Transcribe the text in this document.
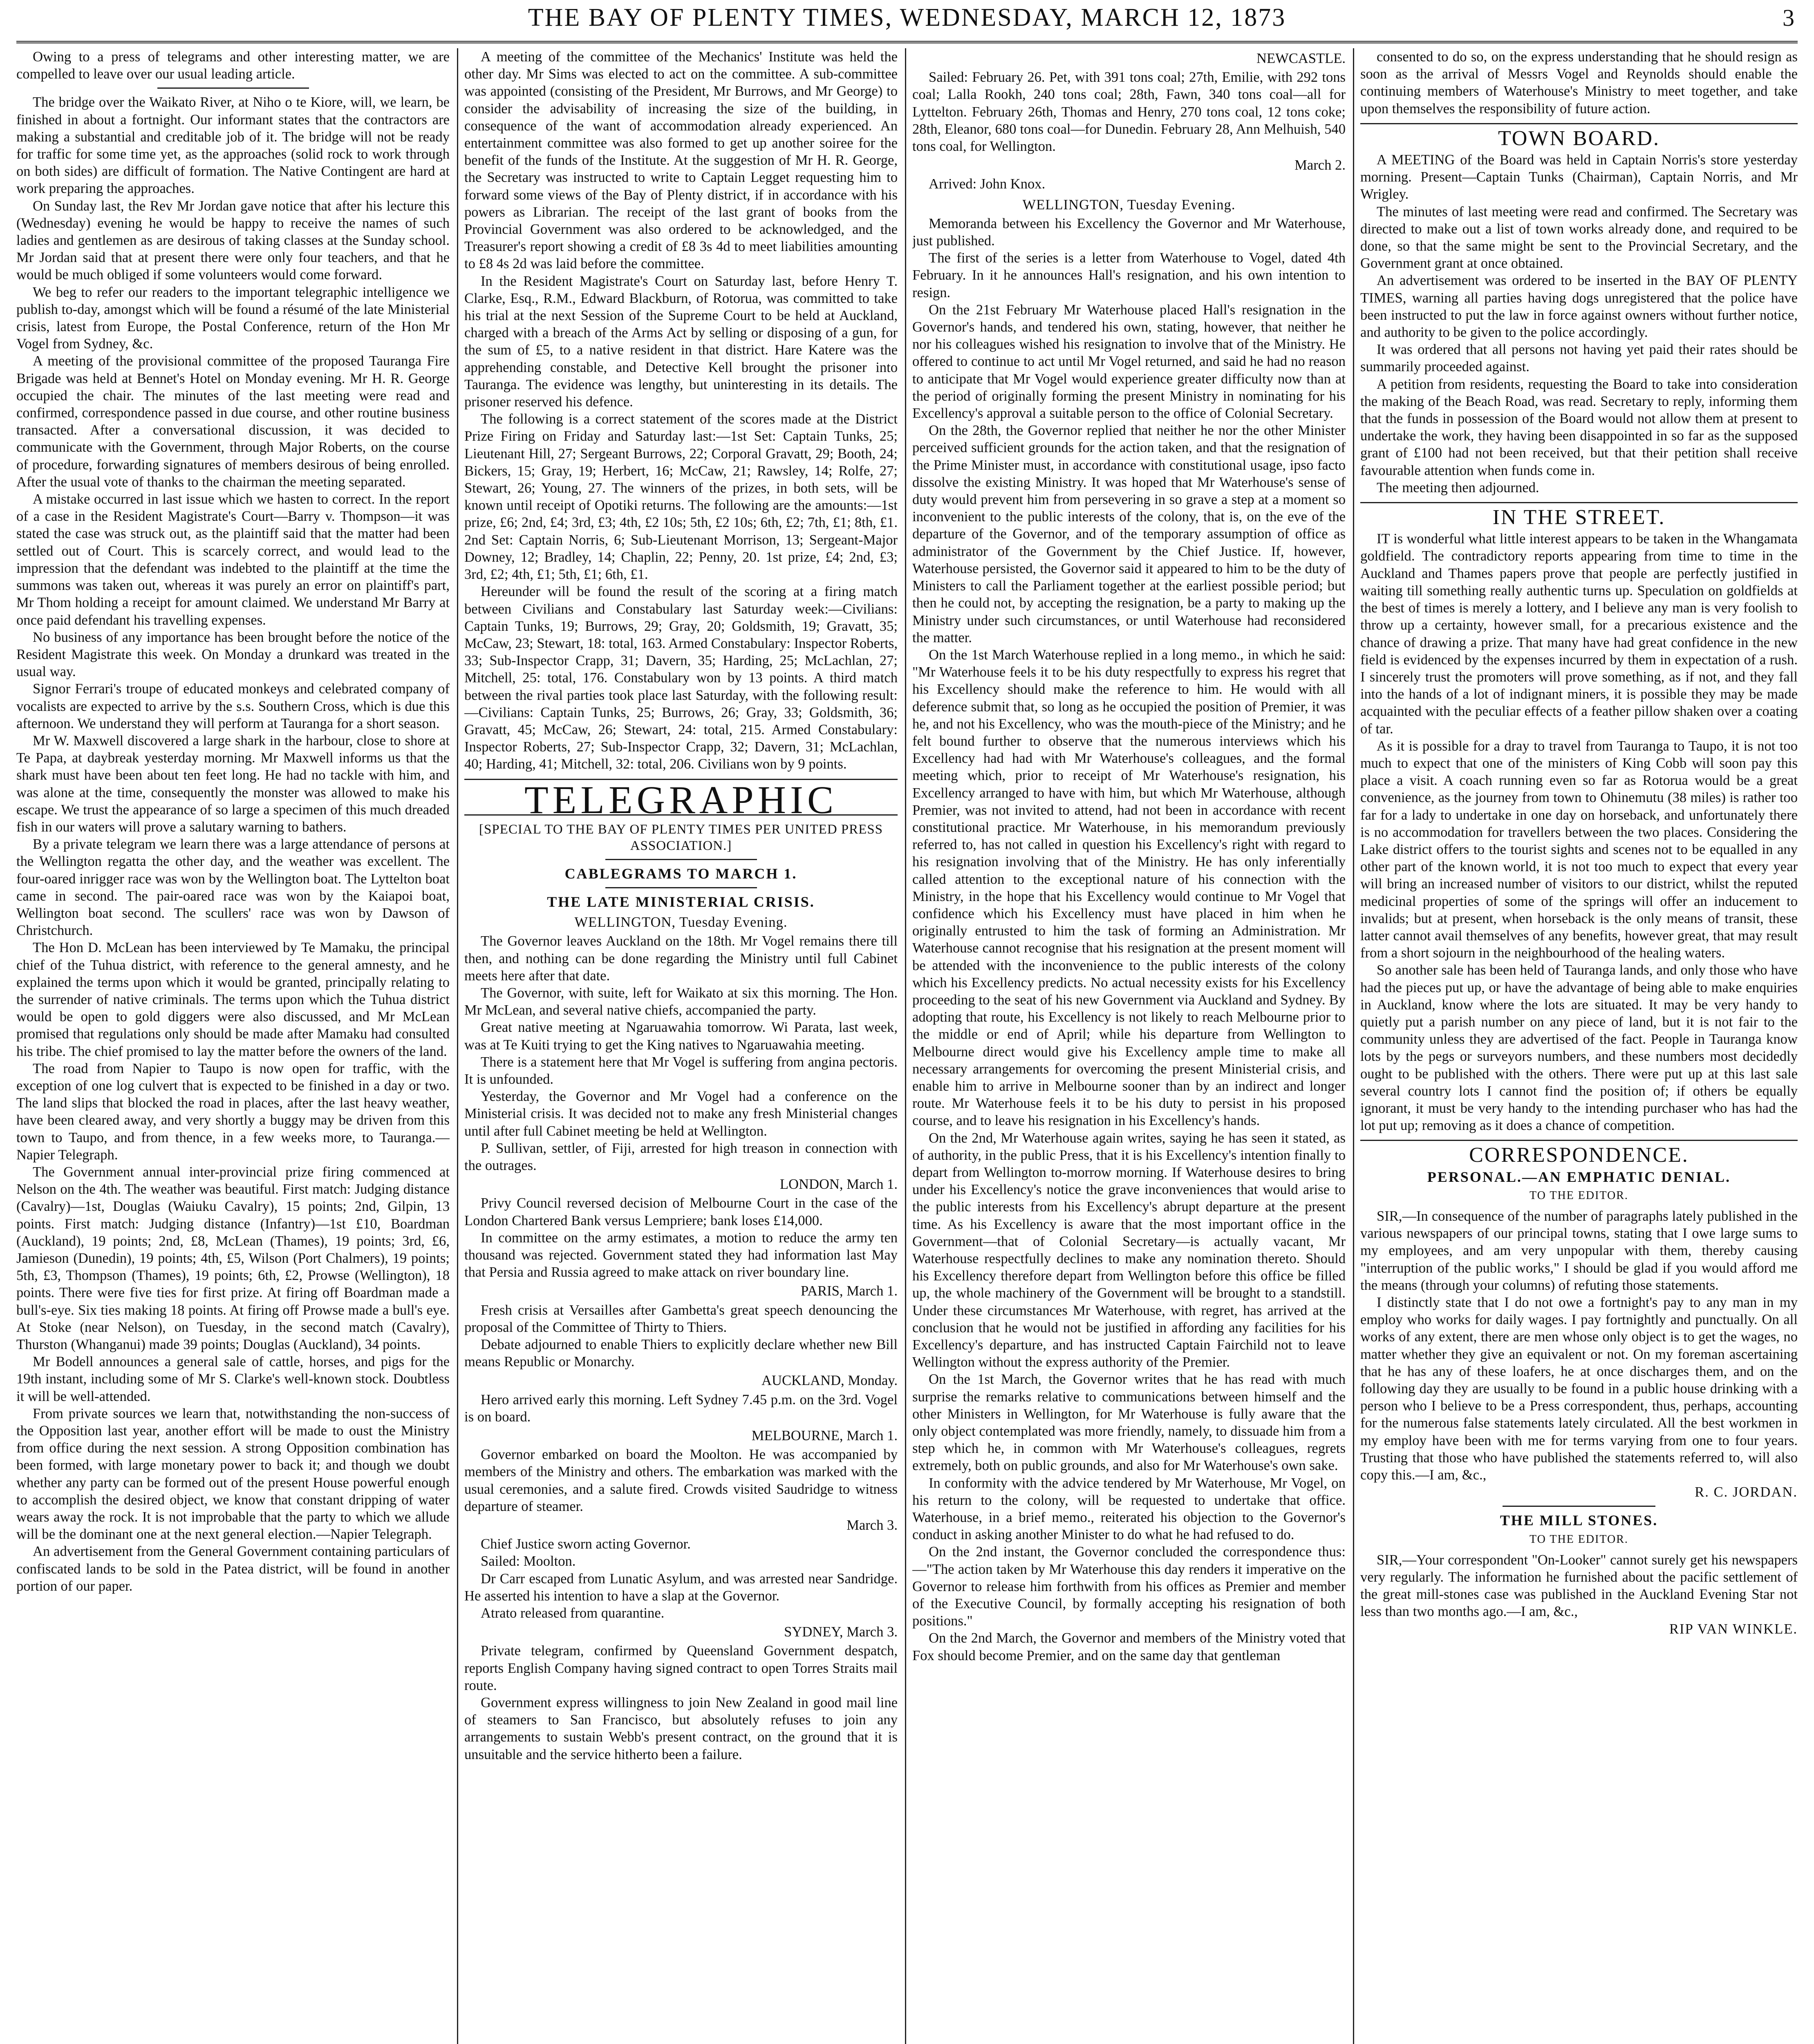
THE BAY OF PLENTY TIMES, WEDNESDAY, MARCH 12, 1873	3

Owing to a press of telegrams and other interesting matter, we are compelled to leave over our usual leading article.

The bridge over the Waikato River, at Niho o te Kiore, will, we learn, be finished in about a fortnight. Our informant states that the contractors are making a substantial and creditable job of it. The bridge will not be ready for traffic for some time yet, as the approaches (solid rock to work through on both sides) are difficult of formation. The Native Contingent are hard at work preparing the approaches.

On Sunday last, the Rev Mr Jordan gave notice that after his lecture this (Wednesday) evening he would be happy to receive the names of such ladies and gentlemen as are desirous of taking classes at the Sunday school. Mr Jordan said that at present there were only four teachers, and that he would be much obliged if some volunteers would come forward.

We beg to refer our readers to the important telegraphic intelligence we publish to-day, amongst which will be found a résumé of the late Ministerial crisis, latest from Europe, the Postal Conference, return of the Hon Mr Vogel from Sydney, &c.

A meeting of the provisional committee of the proposed Tauranga Fire Brigade was held at Bennet's Hotel on Monday evening. Mr H. R. George occupied the chair. The minutes of the last meeting were read and confirmed, correspondence passed in due course, and other routine business transacted. After a conversational discussion, it was decided to communicate with the Government, through Major Roberts, on the course of procedure, forwarding signatures of members desirous of being enrolled. After the usual vote of thanks to the chairman the meeting separated.

A mistake occurred in last issue which we hasten to correct. In the report of a case in the Resident Magistrate's Court—Barry v. Thompson—it was stated the case was struck out, as the plaintiff said that the matter had been settled out of Court. This is scarcely correct, and would lead to the impression that the defendant was indebted to the plaintiff at the time the summons was taken out, whereas it was purely an error on plaintiff's part, Mr Thom holding a receipt for amount claimed. We understand Mr Barry at once paid defendant his travelling expenses.

No business of any importance has been brought before the notice of the Resident Magistrate this week. On Monday a drunkard was treated in the usual way.

Signor Ferrari's troupe of educated monkeys and celebrated company of vocalists are expected to arrive by the s.s. Southern Cross, which is due this afternoon. We understand they will perform at Tauranga for a short season.

Mr W. Maxwell discovered a large shark in the harbour, close to shore at Te Papa, at daybreak yesterday morning. Mr Maxwell informs us that the shark must have been about ten feet long. He had no tackle with him, and was alone at the time, consequently the monster was allowed to make his escape. We trust the appearance of so large a specimen of this much dreaded fish in our waters will prove a salutary warning to bathers.

By a private telegram we learn there was a large attendance of persons at the Wellington regatta the other day, and the weather was excellent. The four-oared inrigger race was won by the Wellington boat. The Lyttelton boat came in second. The pair-oared race was won by the Kaiapoi boat, Wellington boat second. The scullers' race was won by Dawson of Christchurch.

The Hon D. McLean has been interviewed by Te Mamaku, the principal chief of the Tuhua district, with reference to the general amnesty, and he explained the terms upon which it would be granted, principally relating to the surrender of native criminals. The terms upon which the Tuhua district would be open to gold diggers were also discussed, and Mr McLean promised that regulations only should be made after Mamaku had consulted his tribe. The chief promised to lay the matter before the owners of the land.

The road from Napier to Taupo is now open for traffic, with the exception of one log culvert that is expected to be finished in a day or two. The land slips that blocked the road in places, after the last heavy weather, have been cleared away, and very shortly a buggy may be driven from this town to Taupo, and from thence, in a few weeks more, to Tauranga.—Napier Telegraph.

The Government annual inter-provincial prize firing commenced at Nelson on the 4th. The weather was beautiful. First match: Judging distance (Cavalry)—1st, Douglas (Waiuku Cavalry), 15 points; 2nd, Gilpin, 13 points. First match: Judging distance (Infantry)—1st £10, Boardman (Auckland), 19 points; 2nd, £8, McLean (Thames), 19 points; 3rd, £6, Jamieson (Dunedin), 19 points; 4th, £5, Wilson (Port Chalmers), 19 points; 5th, £3, Thompson (Thames), 19 points; 6th, £2, Prowse (Wellington), 18 points. There were five ties for first prize. At firing off Boardman made a bull's-eye. Six ties making 18 points. At firing off Prowse made a bull's eye. At Stoke (near Nelson), on Tuesday, in the second match (Cavalry), Thurston (Whanganui) made 39 points; Douglas (Auckland), 34 points.

Mr Bodell announces a general sale of cattle, horses, and pigs for the 19th instant, including some of Mr S. Clarke's well-known stock. Doubtless it will be well-attended.

From private sources we learn that, notwithstanding the non-success of the Opposition last year, another effort will be made to oust the Ministry from office during the next session. A strong Opposition combination has been formed, with large monetary power to back it; and though we doubt whether any party can be formed out of the present House powerful enough to accomplish the desired object, we know that constant dripping of water wears away the rock. It is not improbable that the party to which we allude will be the dominant one at the next general election.—Napier Telegraph.

An advertisement from the General Government containing particulars of confiscated lands to be sold in the Patea district, will be found in another portion of our paper.

A meeting of the committee of the Mechanics' Institute was held the other day. Mr Sims was elected to act on the committee. A sub-committee was appointed (consisting of the President, Mr Burrows, and Mr George) to consider the advisability of increasing the size of the building, in consequence of the want of accommodation already experienced. An entertainment committee was also formed to get up another soiree for the benefit of the funds of the Institute. At the suggestion of Mr H. R. George, the Secretary was instructed to write to Captain Legget requesting him to forward some views of the Bay of Plenty district, if in accordance with his powers as Librarian. The receipt of the last grant of books from the Provincial Government was also ordered to be acknowledged, and the Treasurer's report showing a credit of £8 3s 4d to meet liabilities amounting to £8 4s 2d was laid before the committee.

In the Resident Magistrate's Court on Saturday last, before Henry T. Clarke, Esq., R.M., Edward Blackburn, of Rotorua, was committed to take his trial at the next Session of the Supreme Court to be held at Auckland, charged with a breach of the Arms Act by selling or disposing of a gun, for the sum of £5, to a native resident in that district. Hare Katere was the apprehending constable, and Detective Kell brought the prisoner into Tauranga. The evidence was lengthy, but uninteresting in its details. The prisoner reserved his defence.

The following is a correct statement of the scores made at the District Prize Firing on Friday and Saturday last:—1st Set: Captain Tunks, 25; Lieutenant Hill, 27; Sergeant Burrows, 22; Corporal Gravatt, 29; Booth, 24; Bickers, 15; Gray, 19; Herbert, 16; McCaw, 21; Rawsley, 14; Rolfe, 27; Stewart, 26; Young, 27. The winners of the prizes, in both sets, will be known until receipt of Opotiki returns. The following are the amounts:—1st prize, £6; 2nd, £4; 3rd, £3; 4th, £2 10s; 5th, £2 10s; 6th, £2; 7th, £1; 8th, £1. 2nd Set: Captain Norris, 6; Sub-Lieutenant Morrison, 13; Sergeant-Major Downey, 12; Bradley, 14; Chaplin, 22; Penny, 20. 1st prize, £4; 2nd, £3; 3rd, £2; 4th, £1; 5th, £1; 6th, £1.

Hereunder will be found the result of the scoring at a firing match between Civilians and Constabulary last Saturday week:—Civilians: Captain Tunks, 19; Burrows, 29; Gray, 20; Goldsmith, 19; Gravatt, 35; McCaw, 23; Stewart, 18: total, 163. Armed Constabulary: Inspector Roberts, 33; Sub-Inspector Crapp, 31; Davern, 35; Harding, 25; McLachlan, 27; Mitchell, 25: total, 176. Constabulary won by 13 points. A third match between the rival parties took place last Saturday, with the following result:—Civilians: Captain Tunks, 25; Burrows, 26; Gray, 33; Goldsmith, 36; Gravatt, 45; McCaw, 26; Stewart, 24: total, 215. Armed Constabulary: Inspector Roberts, 27; Sub-Inspector Crapp, 32; Davern, 31; McLachlan, 40; Harding, 41; Mitchell, 32: total, 206. Civilians won by 9 points.

TELEGRAPHIC
[SPECIAL TO THE BAY OF PLENTY TIMES PER UNITED PRESS ASSOCIATION.]
CABLEGRAMS TO MARCH 1.
THE LATE MINISTERIAL CRISIS.
WELLINGTON, Tuesday Evening.

The Governor leaves Auckland on the 18th. Mr Vogel remains there till then, and nothing can be done regarding the Ministry until full Cabinet meets here after that date.

The Governor, with suite, left for Waikato at six this morning. The Hon. Mr McLean, and several native chiefs, accompanied the party.

Great native meeting at Ngaruawahia tomorrow. Wi Parata, last week, was at Te Kuiti trying to get the King natives to Ngaruawahia meeting.

There is a statement here that Mr Vogel is suffering from angina pectoris. It is unfounded.

Yesterday, the Governor and Mr Vogel had a conference on the Ministerial crisis. It was decided not to make any fresh Ministerial changes until after full Cabinet meeting be held at Wellington.

P. Sullivan, settler, of Fiji, arrested for high treason in connection with the outrages.

LONDON, March 1.

Privy Council reversed decision of Melbourne Court in the case of the London Chartered Bank versus Lempriere; bank loses £14,000.

In committee on the army estimates, a motion to reduce the army ten thousand was rejected. Government stated they had information last May that Persia and Russia agreed to make attack on river boundary line.

PARIS, March 1.

Fresh crisis at Versailles after Gambetta's great speech denouncing the proposal of the Committee of Thirty to Thiers.

Debate adjourned to enable Thiers to explicitly declare whether new Bill means Republic or Monarchy.

AUCKLAND, Monday.

Hero arrived early this morning. Left Sydney 7.45 p.m. on the 3rd. Vogel is on board.

MELBOURNE, March 1.

Governor embarked on board the Moolton. He was accompanied by members of the Ministry and others. The embarkation was marked with the usual ceremonies, and a salute fired. Crowds visited Saudridge to witness departure of steamer.

March 3.

Chief Justice sworn acting Governor.

Sailed: Moolton.

Dr Carr escaped from Lunatic Asylum, and was arrested near Sandridge. He asserted his intention to have a slap at the Governor.

Atrato released from quarantine.

SYDNEY, March 3.

Private telegram, confirmed by Queensland Government despatch, reports English Company having signed contract to open Torres Straits mail route.

Government express willingness to join New Zealand in good mail line of steamers to San Francisco, but absolutely refuses to join any arrangements to sustain Webb's present contract, on the ground that it is unsuitable and the service hitherto been a failure.

NEWCASTLE.

Sailed: February 26. Pet, with 391 tons coal; 27th, Emilie, with 292 tons coal; Lalla Rookh, 240 tons coal; 28th, Fawn, 340 tons coal—all for Lyttelton. February 26th, Thomas and Henry, 270 tons coal, 12 tons coke; 28th, Eleanor, 680 tons coal—for Dunedin. February 28, Ann Melhuish, 540 tons coal, for Wellington.

March 2.

Arrived: John Knox.

WELLINGTON, Tuesday Evening.

Memoranda between his Excellency the Governor and Mr Waterhouse, just published.

The first of the series is a letter from Waterhouse to Vogel, dated 4th February. In it he announces Hall's resignation, and his own intention to resign.

On the 21st February Mr Waterhouse placed Hall's resignation in the Governor's hands, and tendered his own, stating, however, that neither he nor his colleagues wished his resignation to involve that of the Ministry. He offered to continue to act until Mr Vogel returned, and said he had no reason to anticipate that Mr Vogel would experience greater difficulty now than at the period of originally forming the present Ministry in nominating for his Excellency's approval a suitable person to the office of Colonial Secretary.

On the 28th, the Governor replied that neither he nor the other Minister perceived sufficient grounds for the action taken, and that the resignation of the Prime Minister must, in accordance with constitutional usage, ipso facto dissolve the existing Ministry. It was hoped that Mr Waterhouse's sense of duty would prevent him from persevering in so grave a step at a moment so inconvenient to the public interests of the colony, that is, on the eve of the departure of the Governor, and of the temporary assumption of office as administrator of the Government by the Chief Justice. If, however, Waterhouse persisted, the Governor said it appeared to him to be the duty of Ministers to call the Parliament together at the earliest possible period; but then he could not, by accepting the resignation, be a party to making up the Ministry under such circumstances, or until Waterhouse had reconsidered the matter.

On the 1st March Waterhouse replied in a long memo., in which he said: "Mr Waterhouse feels it to be his duty respectfully to express his regret that his Excellency should make the reference to him. He would with all deference submit that, so long as he occupied the position of Premier, it was he, and not his Excellency, who was the mouth-piece of the Ministry; and he felt bound further to observe that the numerous interviews which his Excellency had had with Mr Waterhouse's colleagues, and the formal meeting which, prior to receipt of Mr Waterhouse's resignation, his Excellency arranged to have with him, but which Mr Waterhouse, although Premier, was not invited to attend, had not been in accordance with recent constitutional practice. Mr Waterhouse, in his memorandum previously referred to, has not called in question his Excellency's right with regard to his resignation involving that of the Ministry. He has only inferentially called attention to the exceptional nature of his connection with the Ministry, in the hope that his Excellency would continue to Mr Vogel that confidence which his Excellency must have placed in him when he originally entrusted to him the task of forming an Administration. Mr Waterhouse cannot recognise that his resignation at the present moment will be attended with the inconvenience to the public interests of the colony which his Excellency predicts. No actual necessity exists for his Excellency proceeding to the seat of his new Government via Auckland and Sydney. By adopting that route, his Excellency is not likely to reach Melbourne prior to the middle or end of April; while his departure from Wellington to Melbourne direct would give his Excellency ample time to make all necessary arrangements for overcoming the present Ministerial crisis, and enable him to arrive in Melbourne sooner than by an indirect and longer route. Mr Waterhouse feels it to be his duty to persist in his proposed course, and to leave his resignation in his Excellency's hands.

On the 2nd, Mr Waterhouse again writes, saying he has seen it stated, as of authority, in the public Press, that it is his Excellency's intention finally to depart from Wellington to-morrow morning. If Waterhouse desires to bring under his Excellency's notice the grave inconveniences that would arise to the public interests from his Excellency's abrupt departure at the present time. As his Excellency is aware that the most important office in the Government—that of Colonial Secretary—is actually vacant, Mr Waterhouse respectfully declines to make any nomination thereto. Should his Excellency therefore depart from Wellington before this office be filled up, the whole machinery of the Government will be brought to a standstill. Under these circumstances Mr Waterhouse, with regret, has arrived at the conclusion that he would not be justified in affording any facilities for his Excellency's departure, and has instructed Captain Fairchild not to leave Wellington without the express authority of the Premier.

On the 1st March, the Governor writes that he has read with much surprise the remarks relative to communications between himself and the other Ministers in Wellington, for Mr Waterhouse is fully aware that the only object contemplated was more friendly, namely, to dissuade him from a step which he, in common with Mr Waterhouse's colleagues, regrets extremely, both on public grounds, and also for Mr Waterhouse's own sake.

In conformity with the advice tendered by Mr Waterhouse, Mr Vogel, on his return to the colony, will be requested to undertake that office. Waterhouse, in a brief memo., reiterated his objection to the Governor's conduct in asking another Minister to do what he had refused to do.

On the 2nd instant, the Governor concluded the correspondence thus:—"The action taken by Mr Waterhouse this day renders it imperative on the Governor to release him forthwith from his offices as Premier and member of the Executive Council, by formally accepting his resignation of both positions."

On the 2nd March, the Governor and members of the Ministry voted that Fox should become Premier, and on the same day that gentleman

consented to do so, on the express understanding that he should resign as soon as the arrival of Messrs Vogel and Reynolds should enable the continuing members of Waterhouse's Ministry to meet together, and take upon themselves the responsibility of future action.

TOWN BOARD.

A MEETING of the Board was held in Captain Norris's store yesterday morning. Present—Captain Tunks (Chairman), Captain Norris, and Mr Wrigley.

The minutes of last meeting were read and confirmed. The Secretary was directed to make out a list of town works already done, and required to be done, so that the same might be sent to the Provincial Secretary, and the Government grant at once obtained.

An advertisement was ordered to be inserted in the BAY OF PLENTY TIMES, warning all parties having dogs unregistered that the police have been instructed to put the law in force against owners without further notice, and authority to be given to the police accordingly.

It was ordered that all persons not having yet paid their rates should be summarily proceeded against.

A petition from residents, requesting the Board to take into consideration the making of the Beach Road, was read. Secretary to reply, informing them that the funds in possession of the Board would not allow them at present to undertake the work, they having been disappointed in so far as the supposed grant of £100 had not been received, but that their petition shall receive favourable attention when funds come in.

The meeting then adjourned.

IN THE STREET.

IT is wonderful what little interest appears to be taken in the Whangamata goldfield. The contradictory reports appearing from time to time in the Auckland and Thames papers prove that people are perfectly justified in waiting till something really authentic turns up. Speculation on goldfields at the best of times is merely a lottery, and I believe any man is very foolish to throw up a certainty, however small, for a precarious existence and the chance of drawing a prize. That many have had great confidence in the new field is evidenced by the expenses incurred by them in expectation of a rush. I sincerely trust the promoters will prove something, as if not, and they fall into the hands of a lot of indignant miners, it is possible they may be made acquainted with the peculiar effects of a feather pillow shaken over a coating of tar.

As it is possible for a dray to travel from Tauranga to Taupo, it is not too much to expect that one of the ministers of King Cobb will soon pay this place a visit. A coach running even so far as Rotorua would be a great convenience, as the journey from town to Ohinemutu (38 miles) is rather too far for a lady to undertake in one day on horseback, and unfortunately there is no accommodation for travellers between the two places. Considering the Lake district offers to the tourist sights and scenes not to be equalled in any other part of the known world, it is not too much to expect that every year will bring an increased number of visitors to our district, whilst the reputed medicinal properties of some of the springs will offer an inducement to invalids; but at present, when horseback is the only means of transit, these latter cannot avail themselves of any benefits, however great, that may result from a short sojourn in the neighbourhood of the healing waters.

So another sale has been held of Tauranga lands, and only those who have had the pieces put up, or have the advantage of being able to make enquiries in Auckland, know where the lots are situated. It may be very handy to quietly put a parish number on any piece of land, but it is not fair to the community unless they are advertised of the fact. People in Tauranga know lots by the pegs or surveyors numbers, and these numbers most decidedly ought to be published with the others. There were put up at this last sale several country lots I cannot find the position of; if others be equally ignorant, it must be very handy to the intending purchaser who has had the lot put up; removing as it does a chance of competition.

CORRESPONDENCE.
PERSONAL.—AN EMPHATIC DENIAL.
TO THE EDITOR.

SIR,—In consequence of the number of paragraphs lately published in the various newspapers of our principal towns, stating that I owe large sums to my employees, and am very unpopular with them, thereby causing "interruption of the public works," I should be glad if you would afford me the means (through your columns) of refuting those statements.

I distinctly state that I do not owe a fortnight's pay to any man in my employ who works for daily wages. I pay fortnightly and punctually. On all works of any extent, there are men whose only object is to get the wages, no matter whether they give an equivalent or not. On my foreman ascertaining that he has any of these loafers, he at once discharges them, and on the following day they are usually to be found in a public house drinking with a person who I believe to be a Press correspondent, thus, perhaps, accounting for the numerous false statements lately circulated. All the best workmen in my employ have been with me for terms varying from one to four years. Trusting that those who have published the statements referred to, will also copy this.—I am, &c.,

R. C. JORDAN.

THE MILL STONES.
TO THE EDITOR.

SIR,—Your correspondent "On-Looker" cannot surely get his newspapers very regularly. The information he furnished about the pacific settlement of the great mill-stones case was published in the Auckland Evening Star not less than two months ago.—I am, &c.,

RIP VAN WINKLE.
